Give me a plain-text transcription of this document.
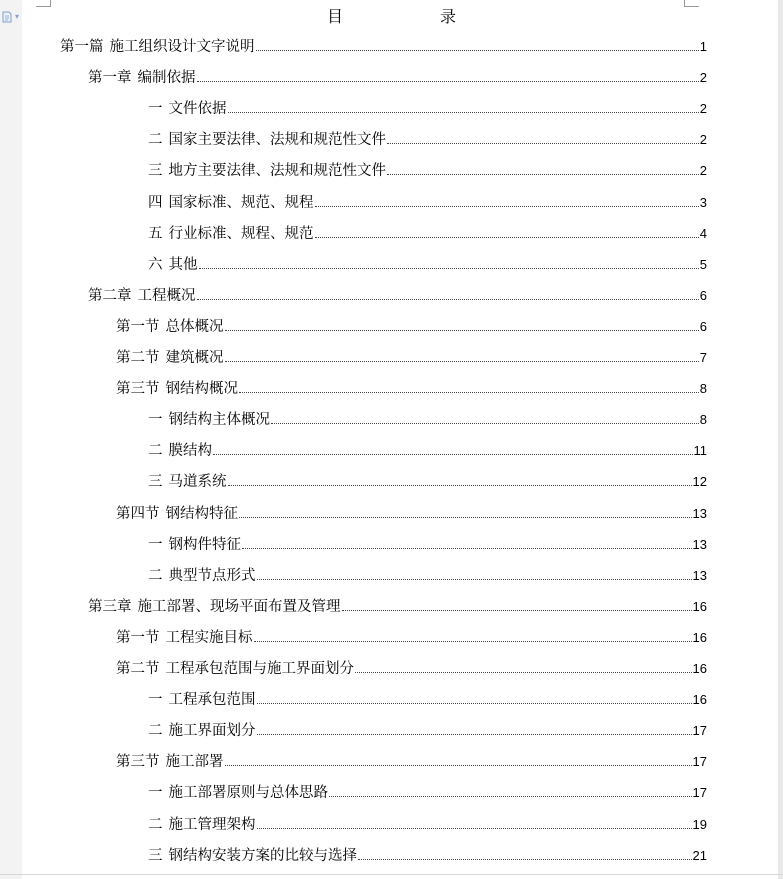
▾	目 录
第一篇 施工组织设计文字说明	1
第一章 编制依据	2
一 文件依据	2
二 国家主要法律、法规和规范性文件	2
三 地方主要法律、法规和规范性文件	2
四 国家标准、规范、规程	3
五 行业标准、规程、规范	4
六 其他	5
第二章 工程概况	6
第一节 总体概况	6
第二节 建筑概况	7
第三节 钢结构概况	8
一 钢结构主体概况	8
二 膜结构	11
三 马道系统	12
第四节 钢结构特征	13
一 钢构件特征	13
二 典型节点形式	13
第三章 施工部署、现场平面布置及管理	16
第一节 工程实施目标	16
第二节 工程承包范围与施工界面划分	16
一 工程承包范围	16
二 施工界面划分	17
第三节 施工部署	17
一 施工部署原则与总体思路	17
二 施工管理架构	19
三 钢结构安装方案的比较与选择	21
